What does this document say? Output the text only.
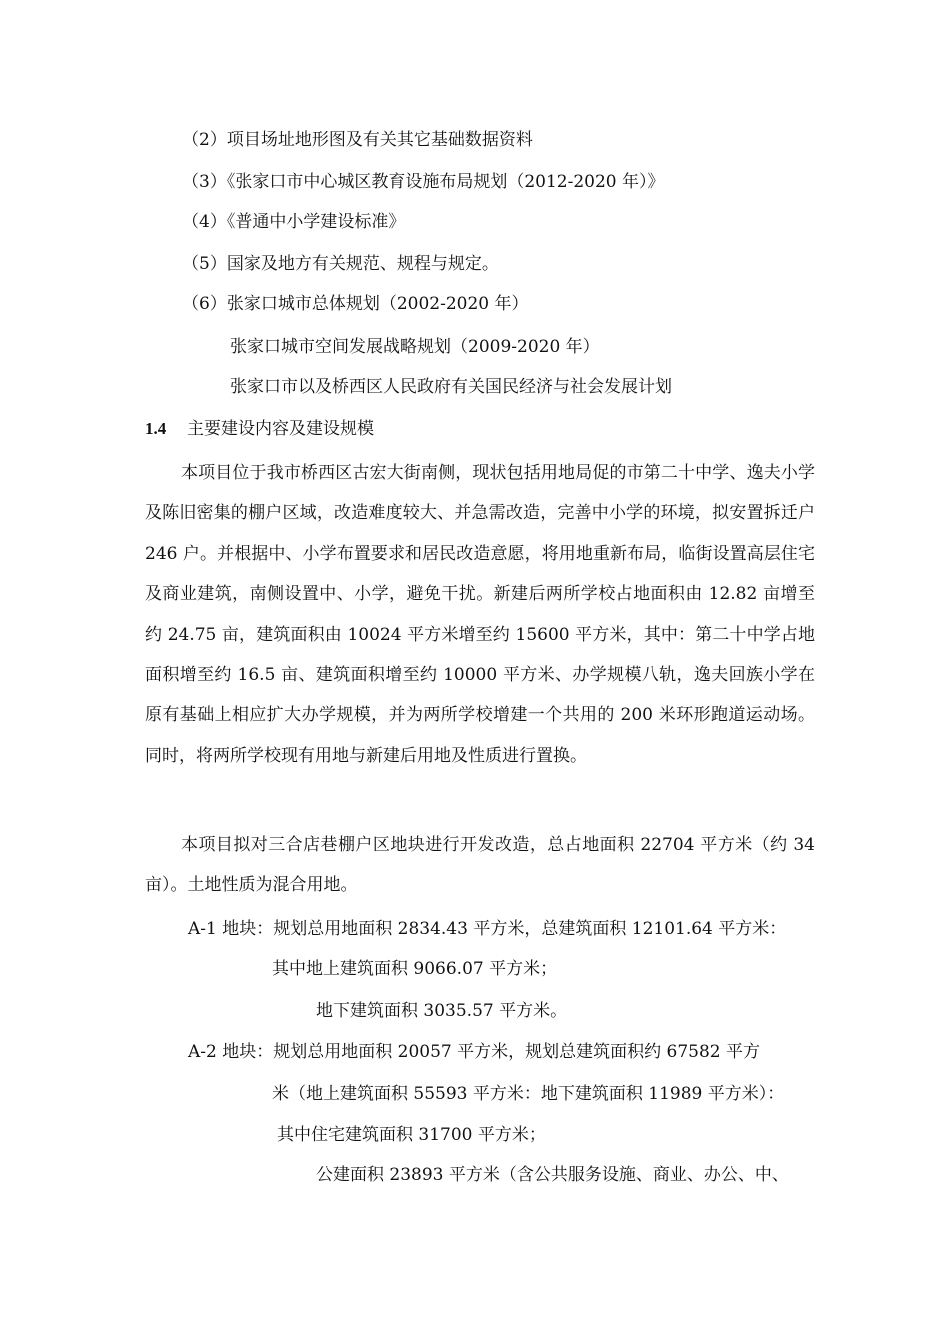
（2）项目场址地形图及有关其它基础数据资料
（3）《张家口市中心城区教育设施布局规划（2012-2020 年）》
（4）《普通中小学建设标准》
（5）国家及地方有关规范、规程与规定。
（6）张家口城市总体规划（2002-2020 年）
张家口城市空间发展战略规划（2009-2020 年）
张家口市以及桥西区人民政府有关国民经济与社会发展计划
1.4 主要建设内容及建设规模

本项目位于我市桥西区古宏大街南侧，现状包括用地局促的市第二十中学、逸夫小学及陈旧密集的棚户区域，改造难度较大、并急需改造，完善中小学的环境，拟安置拆迁户 246 户。并根据中、小学布置要求和居民改造意愿，将用地重新布局，临街设置高层住宅及商业建筑，南侧设置中、小学，避免干扰。新建后两所学校占地面积由 12.82 亩增至约 24.75 亩，建筑面积由 10024 平方米增至约 15600 平方米，其中：第二十中学占地面积增至约 16.5 亩、建筑面积增至约 10000 平方米、办学规模八轨，逸夫回族小学在原有基础上相应扩大办学规模，并为两所学校增建一个共用的 200 米环形跑道运动场。同时，将两所学校现有用地与新建后用地及性质进行置换。

本项目拟对三合店巷棚户区地块进行开发改造，总占地面积 22704 平方米（约 34 亩）。土地性质为混合用地。

A-1 地块：规划总用地面积 2834.43 平方米，总建筑面积 12101.64 平方米：
其中地上建筑面积 9066.07 平方米；
地下建筑面积 3035.57 平方米。
A-2 地块：规划总用地面积 20057 平方米，规划总建筑面积约 67582 平方
米（地上建筑面积 55593 平方米：地下建筑面积 11989 平方米）：
其中住宅建筑面积 31700 平方米；
公建面积 23893 平方米（含公共服务设施、商业、办公、中、
